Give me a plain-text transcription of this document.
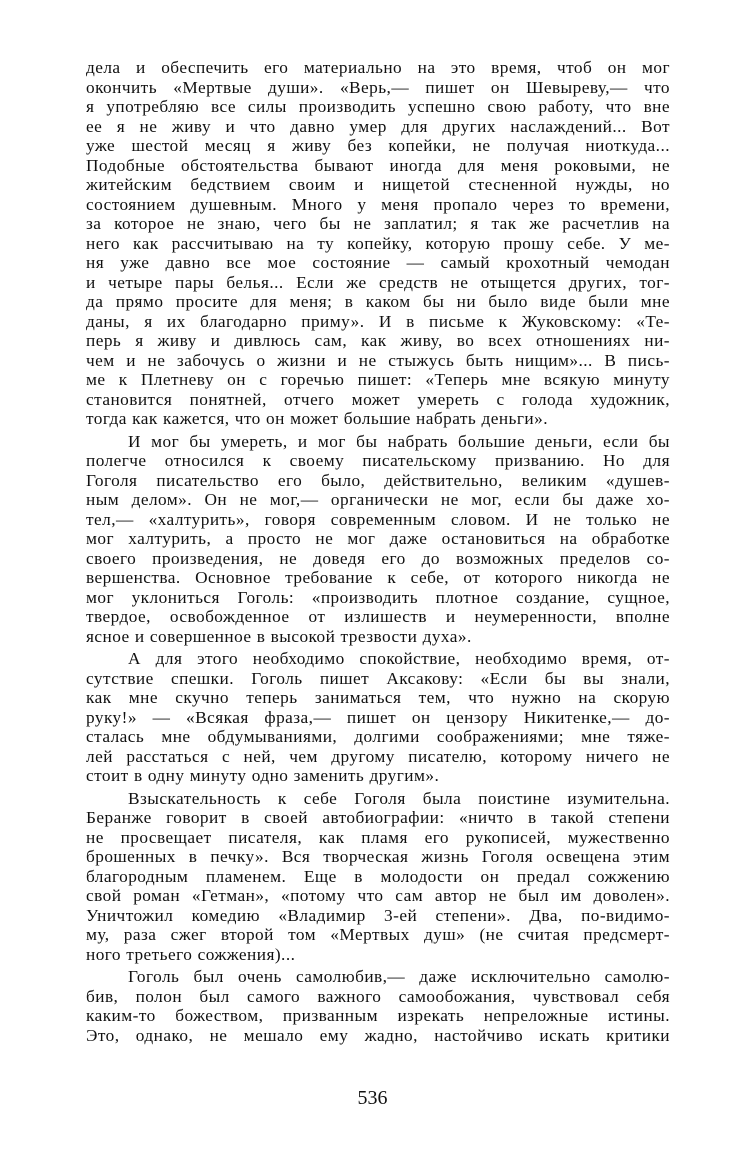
дела и обеспечить его материально на это время, чтоб он мог
окончить «Мертвые души». «Верь,— пишет он Шевыреву,— что
я употребляю все силы производить успешно свою работу, что вне
ее я не живу и что давно умер для других наслаждений... Вот
уже шестой месяц я живу без копейки, не получая ниоткуда...
Подобные обстоятельства бывают иногда для меня роковыми, не
житейским бедствием своим и нищетой стесненной нужды, но
состоянием душевным. Много у меня пропало через то времени,
за которое не знаю, чего бы не заплатил; я так же расчетлив на
него как рассчитываю на ту копейку, которую прошу себе. У ме-
ня уже давно все мое состояние — самый крохотный чемодан
и четыре пары белья... Если же средств не отыщется других, тог-
да прямо просите для меня; в каком бы ни было виде были мне
даны, я их благодарно приму». И в письме к Жуковскому: «Те-
перь я живу и дивлюсь сам, как живу, во всех отношениях ни-
чем и не забочусь о жизни и не стыжусь быть нищим»... В пись-
ме к Плетневу он с горечью пишет: «Теперь мне всякую минуту
становится понятней, отчего может умереть с голода художник,
тогда как кажется, что он может большие набрать деньги».
И мог бы умереть, и мог бы набрать большие деньги, если бы
полегче относился к своему писательскому призванию. Но для
Гоголя писательство его было, действительно, великим «душев-
ным делом». Он не мог,— органически не мог, если бы даже хо-
тел,— «халтурить», говоря современным словом. И не только не
мог халтурить, а просто не мог даже остановиться на обработке
своего произведения, не доведя его до возможных пределов со-
вершенства. Основное требование к себе, от которого никогда не
мог уклониться Гоголь: «производить плотное создание, сущное,
твердое, освобожденное от излишеств и неумеренности, вполне
ясное и совершенное в высокой трезвости духа».
А для этого необходимо спокойствие, необходимо время, от-
сутствие спешки. Гоголь пишет Аксакову: «Если бы вы знали,
как мне скучно теперь заниматься тем, что нужно на скорую
руку!» — «Всякая фраза,— пишет он цензору Никитенке,— до-
сталась мне обдумываниями, долгими соображениями; мне тяже-
лей расстаться с ней, чем другому писателю, которому ничего не
стоит в одну минуту одно заменить другим».
Взыскательность к себе Гоголя была поистине изумительна.
Беранже говорит в своей автобиографии: «ничто в такой степени
не просвещает писателя, как пламя его рукописей, мужественно
брошенных в печку». Вся творческая жизнь Гоголя освещена этим
благородным пламенем. Еще в молодости он предал сожжению
свой роман «Гетман», «потому что сам автор не был им доволен».
Уничтожил комедию «Владимир 3-ей степени». Два, по-видимо-
му, раза сжег второй том «Мертвых душ» (не считая предсмерт-
ного третьего сожжения)...
Гоголь был очень самолюбив,— даже исключительно самолю-
бив, полон был самого важного самообожания, чувствовал себя
каким-то божеством, призванным изрекать непреложные истины.
Это, однако, не мешало ему жадно, настойчиво искать критики
536
